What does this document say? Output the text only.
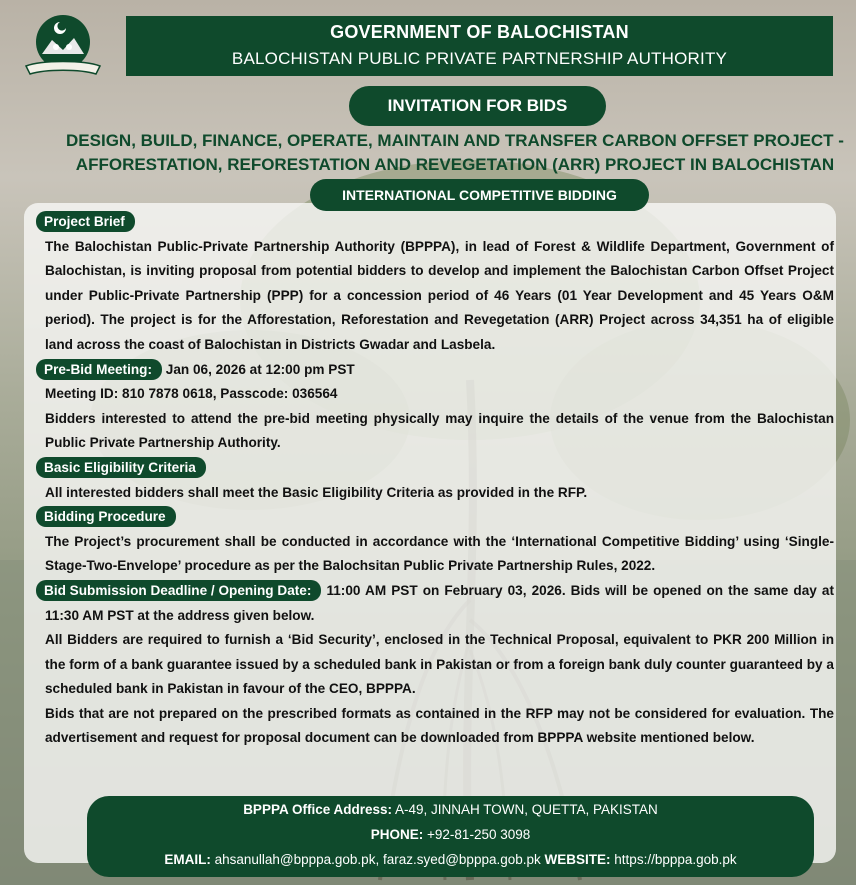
GOVERNMENT OF BALOCHISTAN
BALOCHISTAN PUBLIC PRIVATE PARTNERSHIP AUTHORITY
INVITATION FOR BIDS
DESIGN, BUILD, FINANCE, OPERATE, MAINTAIN AND TRANSFER CARBON OFFSET PROJECT -
AFFORESTATION, REFORESTATION AND REVEGETATION (ARR) PROJECT IN BALOCHISTAN
INTERNATIONAL COMPETITIVE BIDDING
Project Brief

The Balochistan Public-Private Partnership Authority (BPPPA), in lead of Forest & Wildlife Department, Government of Balochistan, is inviting proposal from potential bidders to develop and implement the Balochistan Carbon Offset Project under Public-Private Partnership (PPP) for a concession period of 46 Years (01 Year Development and 45 Years O&M period). The project is for the Afforestation, Reforestation and Revegetation (ARR) Project across 34,351 ha of eligible land across the coast of Balochistan in Districts Gwadar and Lasbela.

Pre-Bid Meeting: Jan 06, 2026 at 12:00 pm PST
Meeting ID: 810 7878 0618, Passcode: 036564

Bidders interested to attend the pre-bid meeting physically may inquire the details of the venue from the Balochistan Public Private Partnership Authority.

Basic Eligibility Criteria

All interested bidders shall meet the Basic Eligibility Criteria as provided in the RFP.

Bidding Procedure

The Project’s procurement shall be conducted in accordance with the ‘International Competitive Bidding’ using ‘Single-Stage-Two-Envelope’ procedure as per the Balochsitan Public Private Partnership Rules, 2022.

Bid Submission Deadline / Opening Date: 11:00 AM PST on February 03, 2026. Bids will be opened on the same day at 11:30 AM PST at the address given below.

All Bidders are required to furnish a ‘Bid Security’, enclosed in the Technical Proposal, equivalent to PKR 200 Million in the form of a bank guarantee issued by a scheduled bank in Pakistan or from a foreign bank duly counter guaranteed by a scheduled bank in Pakistan in favour of the CEO, BPPPA.

Bids that are not prepared on the prescribed formats as contained in the RFP may not be considered for evaluation. The advertisement and request for proposal document can be downloaded from BPPPA website mentioned below.

BPPPA Office Address: A-49, JINNAH TOWN, QUETTA, PAKISTAN
PHONE: +92-81-250 3098
EMAIL: ahsanullah@bpppa.gob.pk, faraz.syed@bpppa.gob.pk WEBSITE: https://bpppa.gob.pk
